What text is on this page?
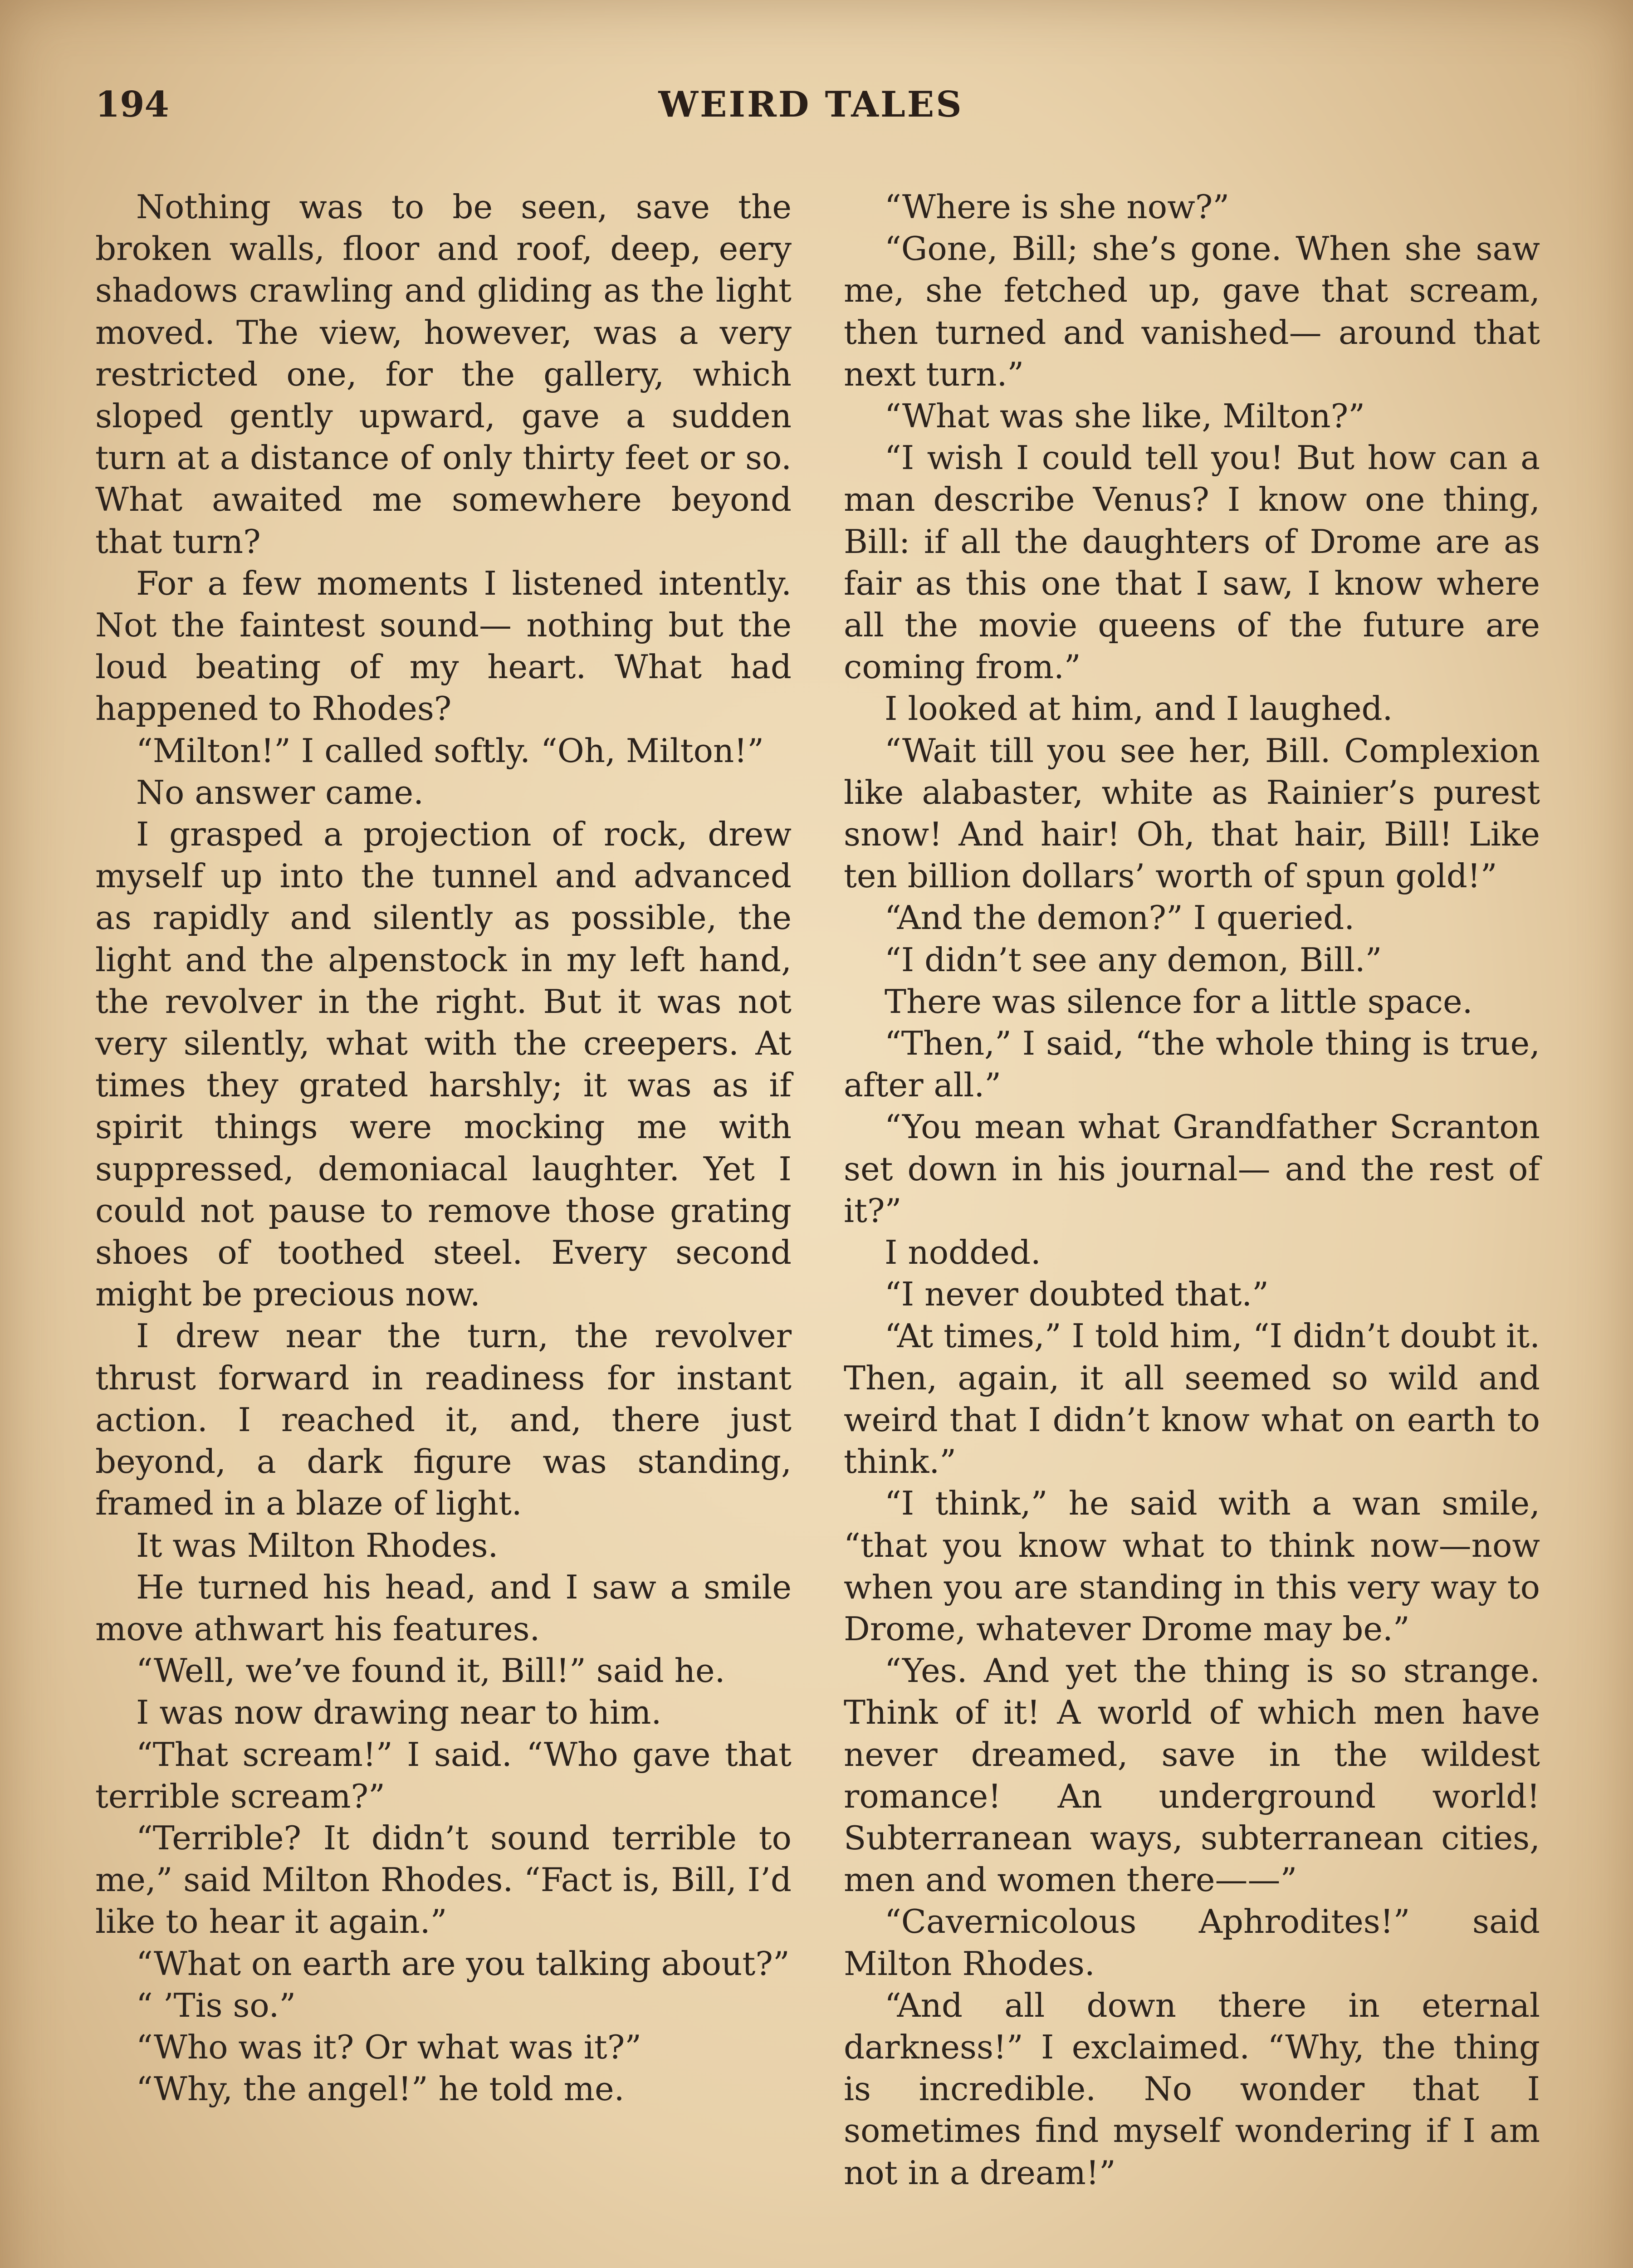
194	WEIRD TALES

Nothing was to be seen, save the broken walls, floor and roof, deep, eery shadows crawling and gliding as the light moved. The view, however, was a very restricted one, for the gallery, which sloped gently upward, gave a sudden turn at a distance of only thirty feet or so. What awaited me somewhere beyond that turn?

For a few moments I listened intently. Not the faintest sound— nothing but the loud beating of my heart. What had happened to Rhodes?

“Milton!” I called softly. “Oh, Milton!”

No answer came.

I grasped a projection of rock, drew myself up into the tunnel and advanced as rapidly and silently as possible, the light and the alpenstock in my left hand, the revolver in the right. But it was not very silently, what with the creepers. At times they grated harshly; it was as if spirit things were mocking me with suppressed, demoniacal laughter. Yet I could not pause to remove those grating shoes of toothed steel. Every second might be precious now.

I drew near the turn, the revolver thrust forward in readiness for instant action. I reached it, and, there just beyond, a dark figure was standing, framed in a blaze of light.

It was Milton Rhodes.

He turned his head, and I saw a smile move athwart his features.

“Well, we’ve found it, Bill!” said he.

I was now drawing near to him.

“That scream!” I said. “Who gave that terrible scream?”

“Terrible? It didn’t sound terrible to me,” said Milton Rhodes. “Fact is, Bill, I’d like to hear it again.”

“What on earth are you talking about?”

“ ’Tis so.”

“Who was it? Or what was it?”

“Why, the angel!” he told me.

“Where is she now?”

“Gone, Bill; she’s gone. When she saw me, she fetched up, gave that scream, then turned and vanished— around that next turn.”

“What was she like, Milton?”

“I wish I could tell you! But how can a man describe Venus? I know one thing, Bill: if all the daughters of Drome are as fair as this one that I saw, I know where all the movie queens of the future are coming from.”

I looked at him, and I laughed.

“Wait till you see her, Bill. Complexion like alabaster, white as Rainier’s purest snow! And hair! Oh, that hair, Bill! Like ten billion dollars’ worth of spun gold!”

“And the demon?” I queried.

“I didn’t see any demon, Bill.”

There was silence for a little space.

“Then,” I said, “the whole thing is true, after all.”

“You mean what Grandfather Scranton set down in his journal— and the rest of it?”

I nodded.

“I never doubted that.”

“At times,” I told him, “I didn’t doubt it. Then, again, it all seemed so wild and weird that I didn’t know what on earth to think.”

“I think,” he said with a wan smile, “that you know what to think now—now when you are standing in this very way to Drome, whatever Drome may be.”

“Yes. And yet the thing is so strange. Think of it! A world of which men have never dreamed, save in the wildest romance! An underground world! Subterranean ways, subterranean cities, men and women there——”

“Cavernicolous Aphrodites!” said Milton Rhodes.

“And all down there in eternal darkness!” I exclaimed. “Why, the thing is incredible. No wonder that I sometimes find myself wondering if I am not in a dream!”
